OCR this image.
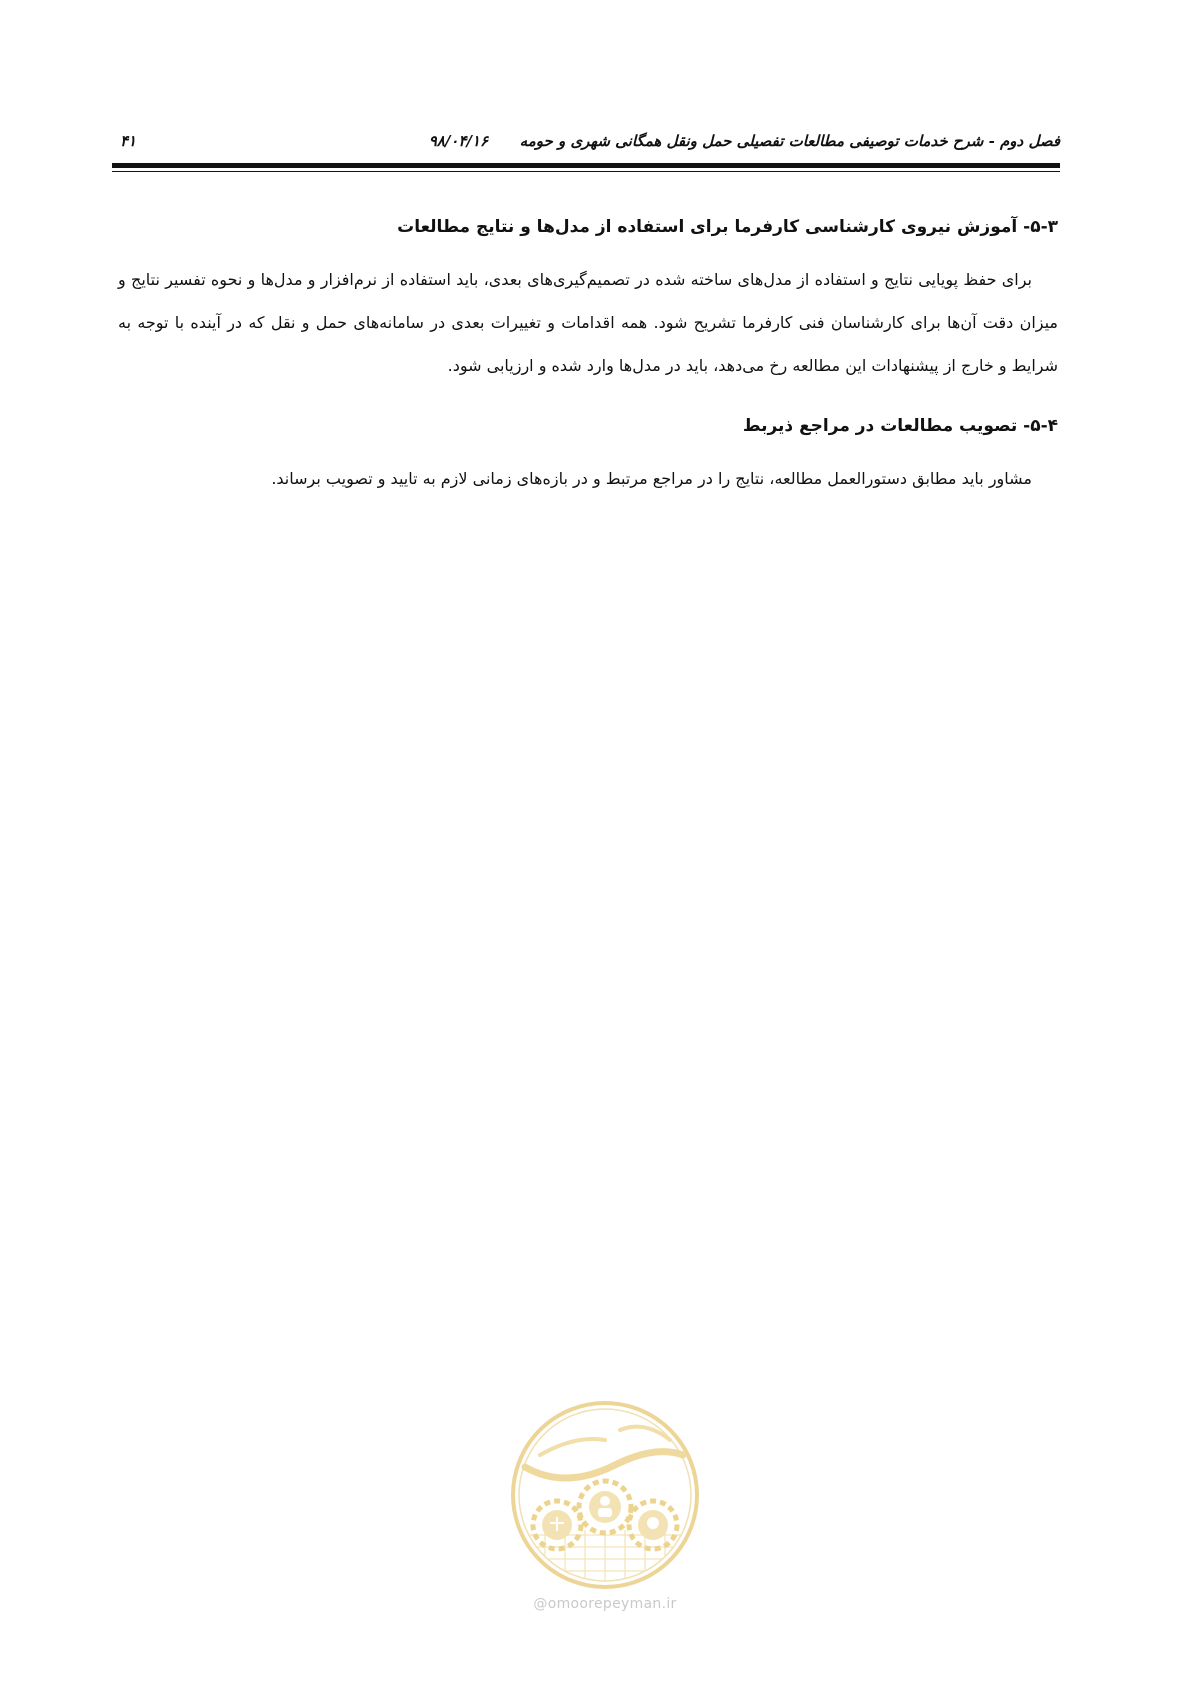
فصل دوم - شرح خدمات توصیفی مطالعات تفصیلی حمل ونقل همگانی شهری و حومه
۹۸/۰۴/۱۶
۴۱
۵-۳- آموزش نیروی کارشناسی کارفرما برای استفاده از مدل‌ها و نتایج مطالعات

برای حفظ پویایی نتایج و استفاده از مدل‌های ساخته شده در تصمیم‌گیری‌های بعدی، باید استفاده از نرم‌افزار و مدل‌ها و نحوه تفسیر نتایج و میزان دقت آن‌ها برای کارشناسان فنی کارفرما تشریح شود. همه اقدامات و تغییرات بعدی در سامانه‌های حمل و نقل که در آینده با توجه به شرایط و خارج از پیشنهادات این مطالعه رخ می‌دهد، باید در مدل‌ها وارد شده و ارزیابی شود.

۵-۴- تصویب مطالعات در مراجع ذیربط

مشاور باید مطابق دستورالعمل مطالعه، نتایج را در مراجع مرتبط و در بازه‌های زمانی لازم به تایید و تصویب برساند.

@omoorepeyman.ir
